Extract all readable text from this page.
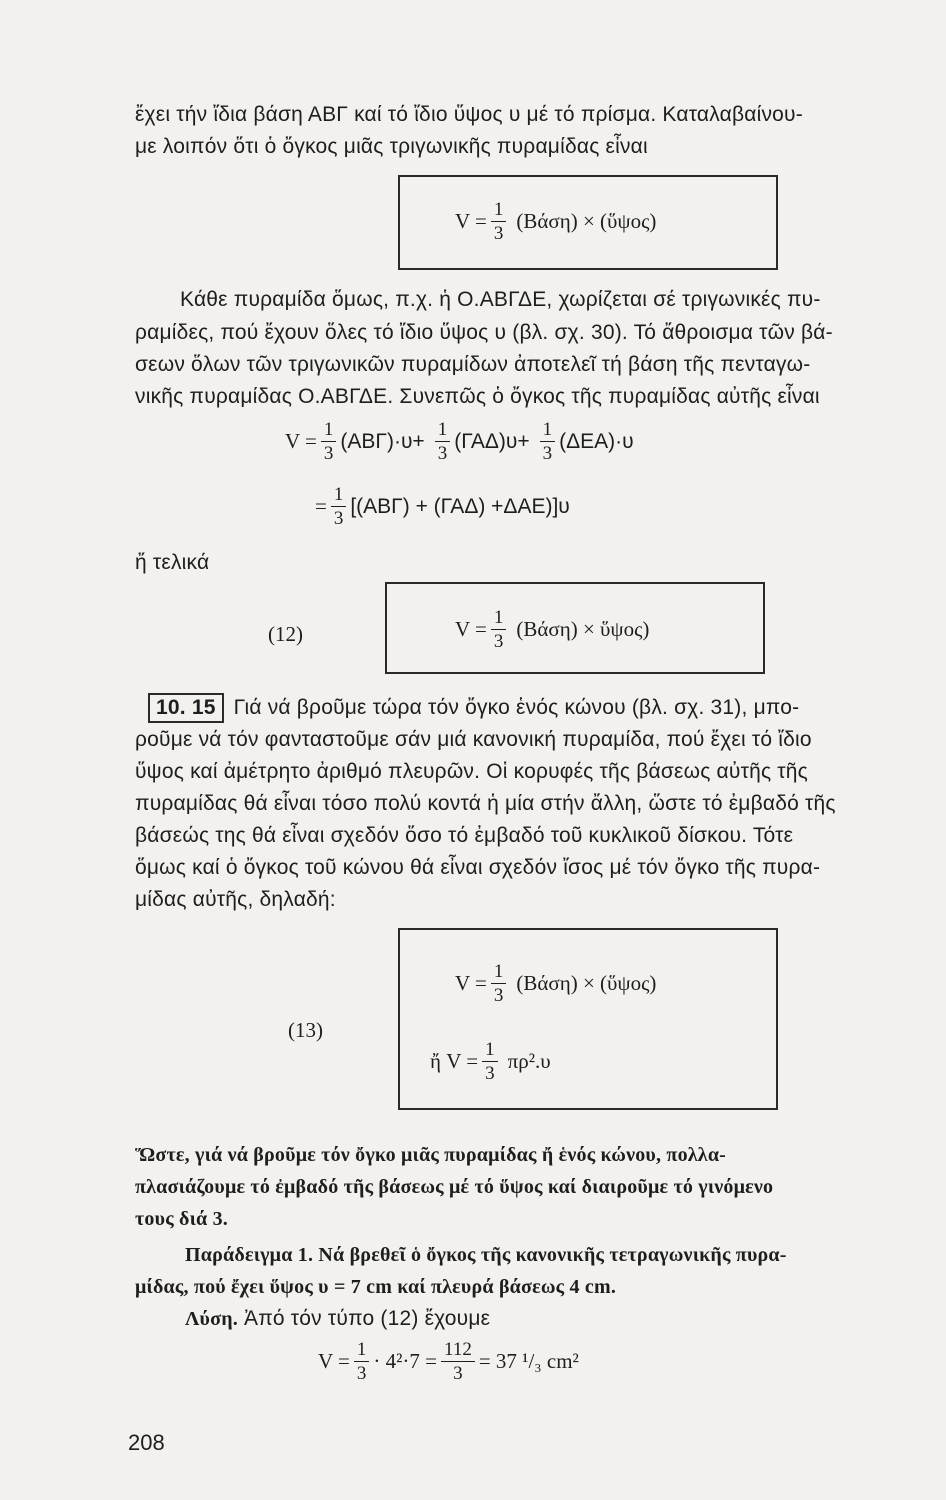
ἔχει τήν ἴδια βάση ΑΒΓ καί τό ἴδιο ὕψος υ μέ τό πρίσμα. Καταλαβαίνου-
με λοιπόν ὅτι ὁ ὄγκος μιᾶς τριγωνικῆς πυραμίδας εἶναι
$V = \frac{1}{3} (Bά\sigma\eta)$ × (ὕψος)
Κάθε πυραμίδα ὅμως, π.χ. ἡ Ο.ΑΒΓΔΕ, χωρίζεται σέ τριγωνικές πυ-
ραμίδες, πού ἔχουν ὅλες τό ἴδιο ὕψος υ (βλ. σχ. 30). Τό ἄθροισμα τῶν βά-
σεων ὅλων τῶν τριγωνικῶν πυραμίδων ἀποτελεῖ τή βάση τῆς πενταγω-
νικῆς πυραμίδας Ο.ΑΒΓΔΕ. Συνεπῶς ὁ ὄγκος τῆς πυραμίδας αὐτῆς εἶναι
$V = \frac{1}{3} (AB\Gamma)\cdot\upsilon+ \frac{1}{3} (\Gamma A\Delta)\upsilon+ \frac{1}{3} (\Delta EA)\cdot\upsilon$
= $\frac{1}{3} [(AB\Gamma) + (\Gamma A\Delta) +\Delta AE)]\upsilon$
ἤ τελικά
(12)	$V = \frac{1}{3} (Bά\sigma\eta)$ × ὕψος)
10. 15 Γιά νά βροῦμε τώρα τόν ὄγκο ἑνός κώνου (βλ. σχ. 31), μπο-
ροῦμε νά τόν φανταστοῦμε σάν μιά κανονική πυραμίδα, πού ἔχει τό ἴδιο
ὕψος καί ἀμέτρητο ἀριθμό πλευρῶν. Οἱ κορυφές τῆς βάσεως αὐτῆς τῆς
πυραμίδας θά εἶναι τόσο πολύ κοντά ἡ μία στήν ἄλλη, ὥστε τό ἐμβαδό τῆς
βάσεώς της θά εἶναι σχεδόν ὅσο τό ἐμβαδό τοῦ κυκλικοῦ δίσκου. Τότε
ὅμως καί ὁ ὄγκος τοῦ κώνου θά εἶναι σχεδόν ἴσος μέ τόν ὄγκο τῆς πυρα-
μίδας αὐτῆς, δηλαδή:
(13)
$V = \frac{1}{3} (Bά\sigma\eta)$ × (ὕψος)
ἤ $V = \frac{1}{3} \pi\rho^2.\upsilon$
Ὥστε, γιά νά βροῦμε τόν ὄγκο μιᾶς πυραμίδας ἤ ἑνός κώνου, πολλα-
πλασιάζουμε τό ἐμβαδό τῆς βάσεως μέ τό ὕψος καί διαιροῦμε τό γινόμενο
τους διά 3.
Παράδειγμα 1. Νά βρεθεῖ ὁ ὄγκος τῆς κανονικῆς τετραγωνικῆς πυρα-
μίδας, πού ἔχει ὕψος υ = 7 cm καί πλευρά βάσεως 4 cm.
Λύση. Ἀπό τόν τύπο (12) ἔχουμε
$V = \frac{1}{3} \cdot 4^2\cdot 7 = \frac{112}{3} = 37$ ¹/₃ cm²
208
